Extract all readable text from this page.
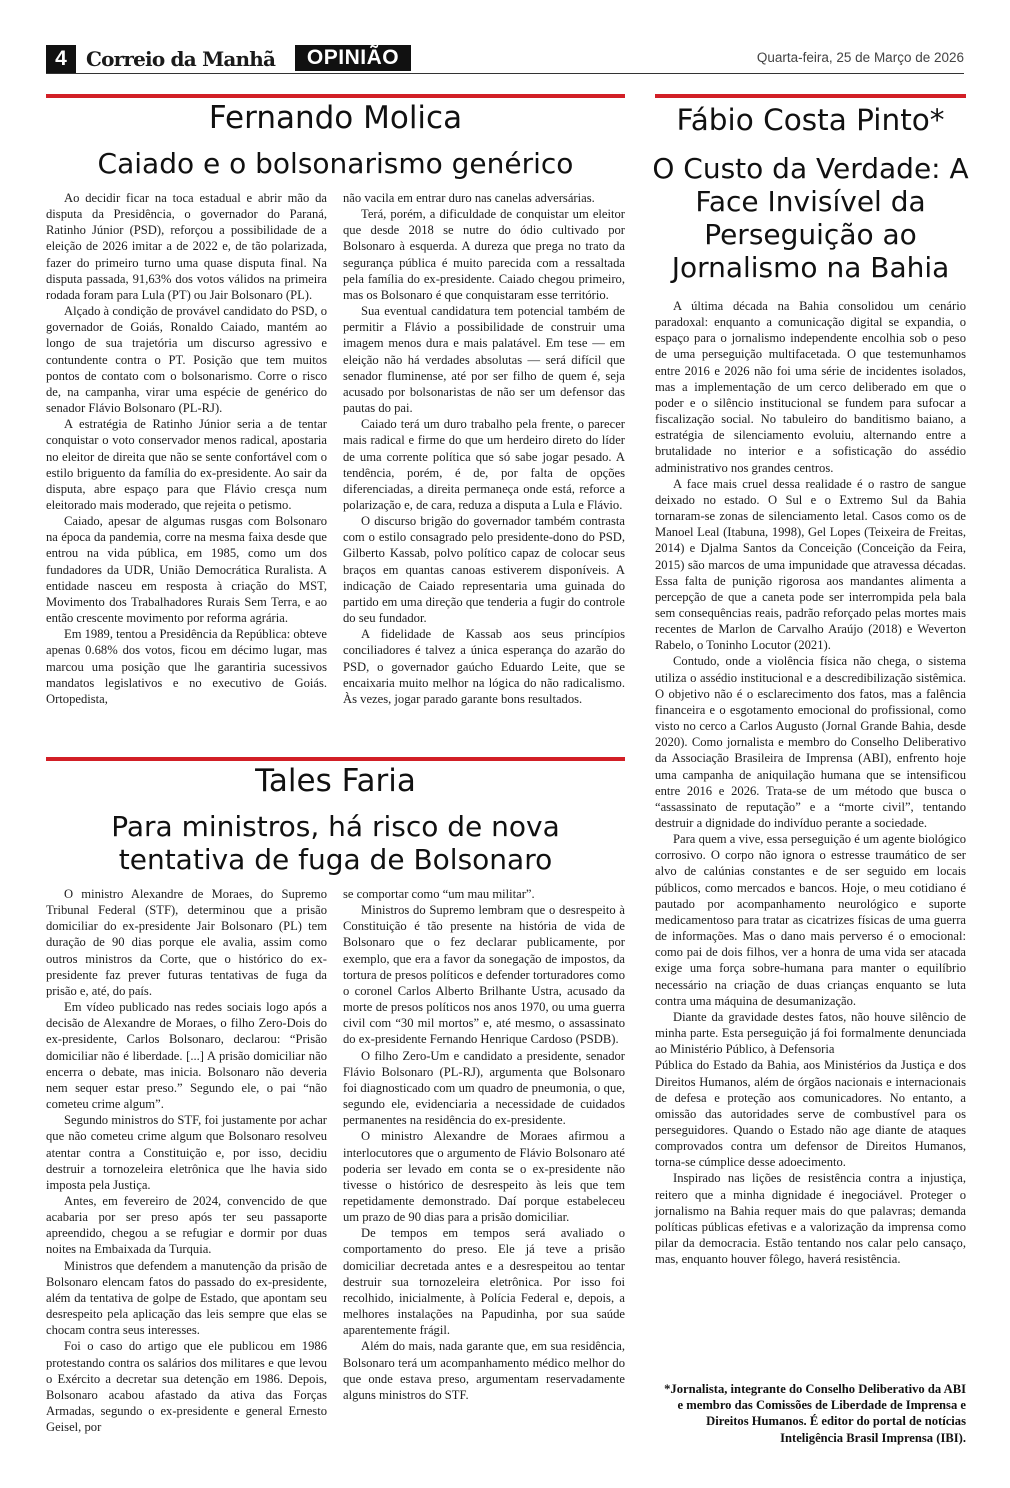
4 Correio da Manhã	OPINIÃO	Quarta-feira, 25 de Março de 2026
Fernando Molica
Caiado e o bolsonarismo genérico

Ao decidir ficar na toca estadual e abrir mão da disputa da Presidência, o governador do Paraná, Ratinho Júnior (PSD), reforçou a possibilidade de a eleição de 2026 imitar a de 2022 e, de tão polarizada, fazer do primeiro turno uma quase disputa final. Na disputa passada, 91,63% dos votos válidos na primeira rodada foram para Lula (PT) ou Jair Bolsonaro (PL).

Alçado à condição de provável candidato do PSD, o governador de Goiás, Ronaldo Caiado, mantém ao longo de sua trajetória um discurso agressivo e contundente contra o PT. Posição que tem muitos pontos de contato com o bolsonarismo. Corre o risco de, na campanha, virar uma espécie de genérico do senador Flávio Bolsonaro (PL-RJ).

A estratégia de Ratinho Júnior seria a de tentar conquistar o voto conservador menos radical, apostaria no eleitor de direita que não se sente confortável com o estilo briguento da família do ex-presidente. Ao sair da disputa, abre espaço para que Flávio cresça num eleitorado mais moderado, que rejeita o petismo.

Caiado, apesar de algumas rusgas com Bolsonaro na época da pandemia, corre na mesma faixa desde que entrou na vida pública, em 1985, como um dos fundadores da UDR, União Democrática Ruralista. A entidade nasceu em resposta à criação do MST, Movimento dos Trabalhadores Rurais Sem Terra, e ao então crescente movimento por reforma agrária.

Em 1989, tentou a Presidência da República: obteve apenas 0.68% dos votos, ficou em décimo lugar, mas marcou uma posição que lhe garantiria sucessivos mandatos legislativos e no executivo de Goiás. Ortopedista,

não vacila em entrar duro nas canelas adversárias.

Terá, porém, a dificuldade de conquistar um eleitor que desde 2018 se nutre do ódio cultivado por Bolsonaro à esquerda. A dureza que prega no trato da segurança pública é muito parecida com a ressaltada pela família do ex-presidente. Caiado chegou primeiro, mas os Bolsonaro é que conquistaram esse território.

Sua eventual candidatura tem potencial também de permitir a Flávio a possibilidade de construir uma imagem menos dura e mais palatável. Em tese — em eleição não há verdades absolutas — será difícil que senador fluminense, até por ser filho de quem é, seja acusado por bolsonaristas de não ser um defensor das pautas do pai.

Caiado terá um duro trabalho pela frente, o parecer mais radical e firme do que um herdeiro direto do líder de uma corrente política que só sabe jogar pesado. A tendência, porém, é de, por falta de opções diferenciadas, a direita permaneça onde está, reforce a polarização e, de cara, reduza a disputa a Lula e Flávio.

O discurso brigão do governador também contrasta com o estilo consagrado pelo presidente-dono do PSD, Gilberto Kassab, polvo político capaz de colocar seus braços em quantas canoas estiverem disponíveis. A indicação de Caiado representaria uma guinada do partido em uma direção que tenderia a fugir do controle do seu fundador.

A fidelidade de Kassab aos seus princípios conciliadores é talvez a única esperança do azarão do PSD, o governador gaúcho Eduardo Leite, que se encaixaria muito melhor na lógica do não radicalismo. Às vezes, jogar parado garante bons resultados.

Tales Faria
Para ministros, há risco de nova tentativa de fuga de Bolsonaro

O ministro Alexandre de Moraes, do Supremo Tribunal Federal (STF), determinou que a prisão domiciliar do ex-presidente Jair Bolsonaro (PL) tem duração de 90 dias porque ele avalia, assim como outros ministros da Corte, que o histórico do ex-presidente faz prever futuras tentativas de fuga da prisão e, até, do país.

Em vídeo publicado nas redes sociais logo após a decisão de Alexandre de Moraes, o filho Zero-Dois do ex-presidente, Carlos Bolsonaro, declarou: “Prisão domiciliar não é liberdade. [...] A prisão domiciliar não encerra o debate, mas inicia. Bolsonaro não deveria nem sequer estar preso.” Segundo ele, o pai “não cometeu crime algum”.

Segundo ministros do STF, foi justamente por achar que não cometeu crime algum que Bolsonaro resolveu atentar contra a Constituição e, por isso, decidiu destruir a tornozeleira eletrônica que lhe havia sido imposta pela Justiça.

Antes, em fevereiro de 2024, convencido de que acabaria por ser preso após ter seu passaporte apreendido, chegou a se refugiar e dormir por duas noites na Embaixada da Turquia.

Ministros que defendem a manutenção da prisão de Bolsonaro elencam fatos do passado do ex-presidente, além da tentativa de golpe de Estado, que apontam seu desrespeito pela aplicação das leis sempre que elas se chocam contra seus interesses.

Foi o caso do artigo que ele publicou em 1986 protestando contra os salários dos militares e que levou o Exército a decretar sua detenção em 1986. Depois, Bolsonaro acabou afastado da ativa das Forças Armadas, segundo o ex-presidente e general Ernesto Geisel, por

se comportar como “um mau militar”.

Ministros do Supremo lembram que o desrespeito à Constituição é tão presente na história de vida de Bolsonaro que o fez declarar publicamente, por exemplo, que era a favor da sonegação de impostos, da tortura de presos políticos e defender torturadores como o coronel Carlos Alberto Brilhante Ustra, acusado da morte de presos políticos nos anos 1970, ou uma guerra civil com “30 mil mortos” e, até mesmo, o assassinato do ex-presidente Fernando Henrique Cardoso (PSDB).

O filho Zero-Um e candidato a presidente, senador Flávio Bolsonaro (PL-RJ), argumenta que Bolsonaro foi diagnosticado com um quadro de pneumonia, o que, segundo ele, evidenciaria a necessidade de cuidados permanentes na residência do ex-presidente.

O ministro Alexandre de Moraes afirmou a interlocutores que o argumento de Flávio Bolsonaro até poderia ser levado em conta se o ex-presidente não tivesse o histórico de desrespeito às leis que tem repetidamente demonstrado. Daí porque estabeleceu um prazo de 90 dias para a prisão domiciliar.

De tempos em tempos será avaliado o comportamento do preso. Ele já teve a prisão domiciliar decretada antes e a desrespeitou ao tentar destruir sua tornozeleira eletrônica. Por isso foi recolhido, inicialmente, à Polícia Federal e, depois, a melhores instalações na Papudinha, por sua saúde aparentemente frágil.

Além do mais, nada garante que, em sua residência, Bolsonaro terá um acompanhamento médico melhor do que onde estava preso, argumentam reservadamente alguns ministros do STF.

Fábio Costa Pinto*
O Custo da Verdade: A Face Invisível da Perseguição ao Jornalismo na Bahia

A última década na Bahia consolidou um cenário paradoxal: enquanto a comunicação digital se expandia, o espaço para o jornalismo independente encolhia sob o peso de uma perseguição multifacetada. O que testemunhamos entre 2016 e 2026 não foi uma série de incidentes isolados, mas a implementação de um cerco deliberado em que o poder e o silêncio institucional se fundem para sufocar a fiscalização social. No tabuleiro do banditismo baiano, a estratégia de silenciamento evoluiu, alternando entre a brutalidade no interior e a sofisticação do assédio administrativo nos grandes centros.

A face mais cruel dessa realidade é o rastro de sangue deixado no estado. O Sul e o Extremo Sul da Bahia tornaram-se zonas de silenciamento letal. Casos como os de Manoel Leal (Itabuna, 1998), Gel Lopes (Teixeira de Freitas, 2014) e Djalma Santos da Conceição (Conceição da Feira, 2015) são marcos de uma impunidade que atravessa décadas. Essa falta de punição rigorosa aos mandantes alimenta a percepção de que a caneta pode ser interrompida pela bala sem consequências reais, padrão reforçado pelas mortes mais recentes de Marlon de Carvalho Araújo (2018) e Weverton Rabelo, o Toninho Locutor (2021).

Contudo, onde a violência física não chega, o sistema utiliza o assédio institucional e a descredibilização sistêmica. O objetivo não é o esclarecimento dos fatos, mas a falência financeira e o esgotamento emocional do profissional, como visto no cerco a Carlos Augusto (Jornal Grande Bahia, desde 2020). Como jornalista e membro do Conselho Deliberativo da Associação Brasileira de Imprensa (ABI), enfrento hoje uma campanha de aniquilação humana que se intensificou entre 2016 e 2026. Trata-se de um método que busca o “assassinato de reputação” e a “morte civil”, tentando destruir a dignidade do indivíduo perante a sociedade.

Para quem a vive, essa perseguição é um agente biológico corrosivo. O corpo não ignora o estresse traumático de ser alvo de calúnias constantes e de ser seguido em locais públicos, como mercados e bancos. Hoje, o meu cotidiano é pautado por acompanhamento neurológico e suporte medicamentoso para tratar as cicatrizes físicas de uma guerra de informações. Mas o dano mais perverso é o emocional: como pai de dois filhos, ver a honra de uma vida ser atacada exige uma força sobre-humana para manter o equilíbrio necessário na criação de duas crianças enquanto se luta contra uma máquina de desumanização.

Diante da gravidade destes fatos, não houve silêncio de minha parte. Esta perseguição já foi formalmente denunciada ao Ministério Público, à Defensoria

Pública do Estado da Bahia, aos Ministérios da Justiça e dos Direitos Humanos, além de órgãos nacionais e internacionais de defesa e proteção aos comunicadores. No entanto, a omissão das autoridades serve de combustível para os perseguidores. Quando o Estado não age diante de ataques comprovados contra um defensor de Direitos Humanos, torna-se cúmplice desse adoecimento.

Inspirado nas lições de resistência contra a injustiça, reitero que a minha dignidade é inegociável. Proteger o jornalismo na Bahia requer mais do que palavras; demanda políticas públicas efetivas e a valorização da imprensa como pilar da democracia. Estão tentando nos calar pelo cansaço, mas, enquanto houver fôlego, haverá resistência.

*Jornalista, integrante do Conselho Deliberativo da ABI e membro das Comissões de Liberdade de Imprensa e Direitos Humanos. É editor do portal de notícias Inteligência Brasil Imprensa (IBI).
